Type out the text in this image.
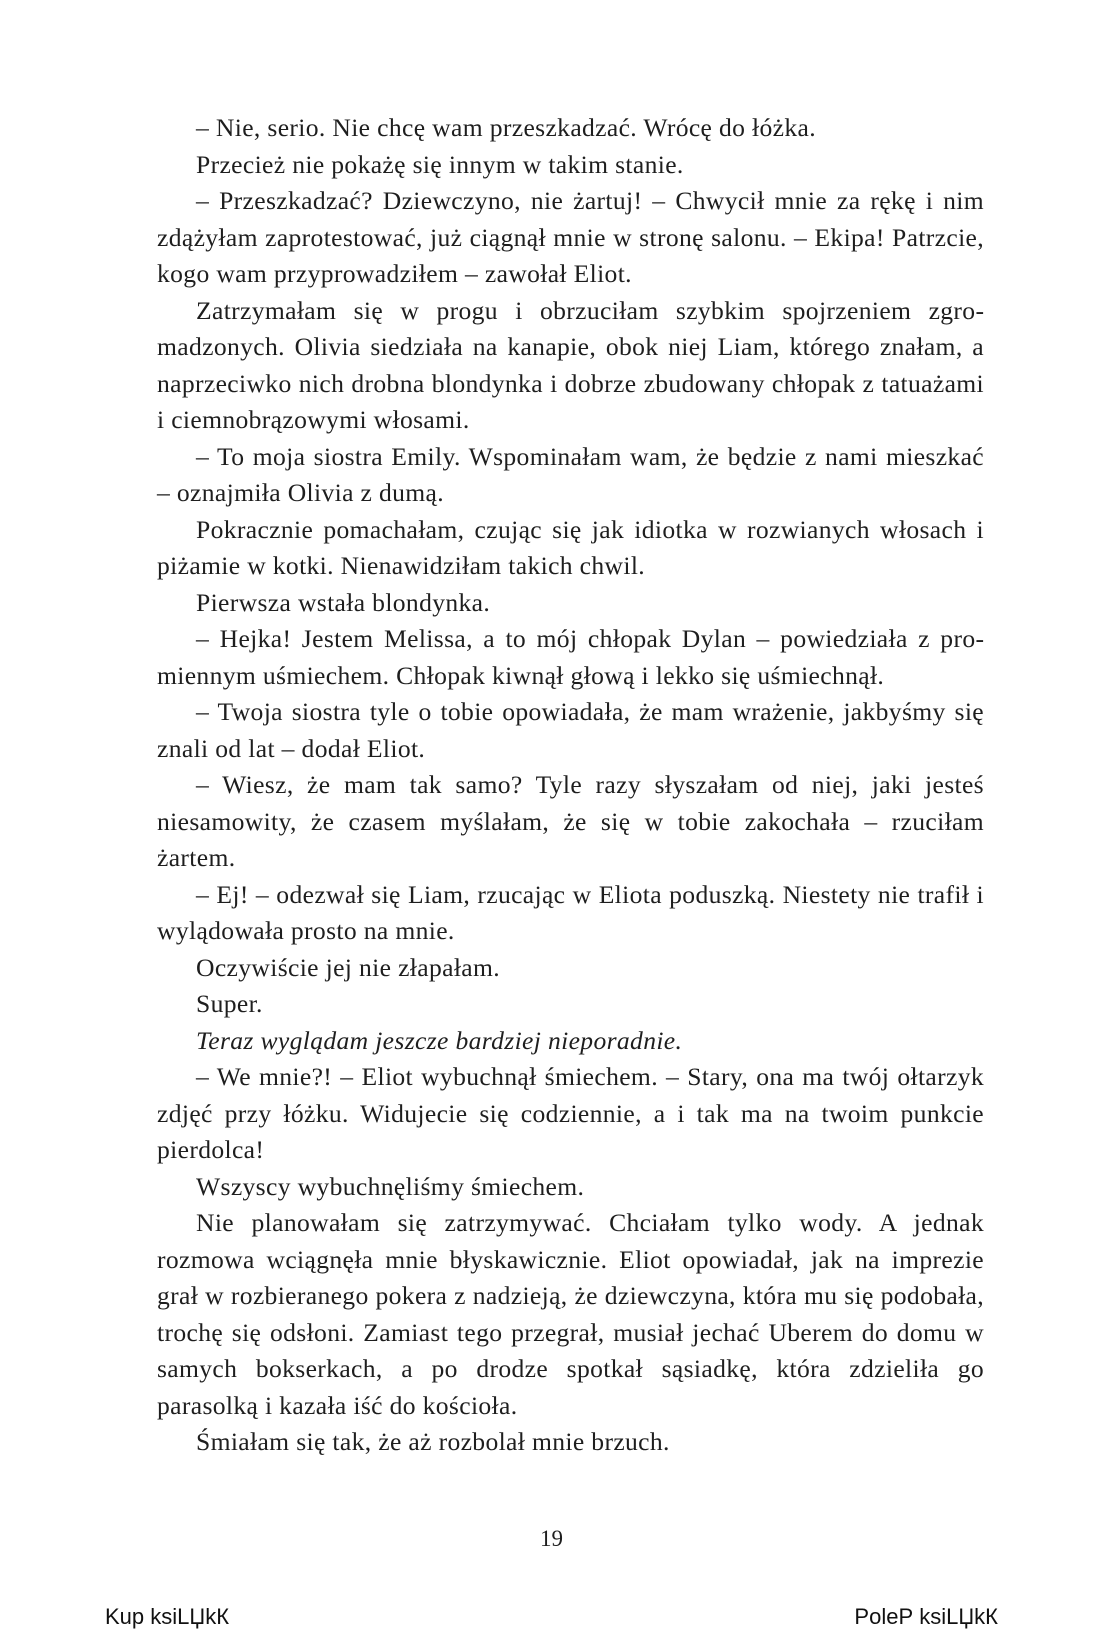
– Nie, serio. Nie chcę wam przeszkadzać. Wrócę do łóżka.

Przecież nie pokażę się innym w takim stanie.

– Przeszkadzać? Dziewczyno, nie żartuj! – Chwycił mnie za rękę i nim zdążyłam zaprotestować, już ciągnął mnie w stronę salonu. – Ekipa! Patrzcie, kogo wam przyprowadziłem – zawołał Eliot.

Zatrzymałam się w progu i obrzuciłam szybkim spojrzeniem zgromadzonych. Olivia siedziała na kanapie, obok niej Liam, którego znałam, a naprzeciwko nich drobna blondynka i dobrze zbudowany chłopak z tatuażami i ciemnobrązowymi włosami.

– To moja siostra Emily. Wspominałam wam, że będzie z nami mieszkać – oznajmiła Olivia z dumą.

Pokracznie pomachałam, czując się jak idiotka w rozwianych włosach i piżamie w kotki. Nienawidziłam takich chwil.

Pierwsza wstała blondynka.

– Hejka! Jestem Melissa, a to mój chłopak Dylan – powiedziała z promiennym uśmiechem. Chłopak kiwnął głową i lekko się uśmiechnął.

– Twoja siostra tyle o tobie opowiadała, że mam wrażenie, jakbyśmy się znali od lat – dodał Eliot.

– Wiesz, że mam tak samo? Tyle razy słyszałam od niej, jaki jesteś niesamowity, że czasem myślałam, że się w tobie zakochała – rzuciłam żartem.

– Ej! – odezwał się Liam, rzucając w Eliota poduszką. Niestety nie trafił i wylądowała prosto na mnie.

Oczywiście jej nie złapałam.

Super.

Teraz wyglądam jeszcze bardziej nieporadnie.

– We mnie?! – Eliot wybuchnął śmiechem. – Stary, ona ma twój ołtarzyk zdjęć przy łóżku. Widujecie się codziennie, a i tak ma na twoim punkcie pierdolca!

Wszyscy wybuchnęliśmy śmiechem.

Nie planowałam się zatrzymywać. Chciałam tylko wody. A jednak rozmowa wciągnęła mnie błyskawicznie. Eliot opowiadał, jak na imprezie grał w rozbieranego pokera z nadzieją, że dziewczyna, która mu się podobała, trochę się odsłoni. Zamiast tego przegrał, musiał jechać Uberem do domu w samych bokserkach, a po drodze spotkał sąsiadkę, która zdzieliła go parasolką i kazała iść do kościoła.

Śmiałam się tak, że aż rozbolał mnie brzuch.

19
Kup ksiLЏkК	PoleР ksiLЏkК
